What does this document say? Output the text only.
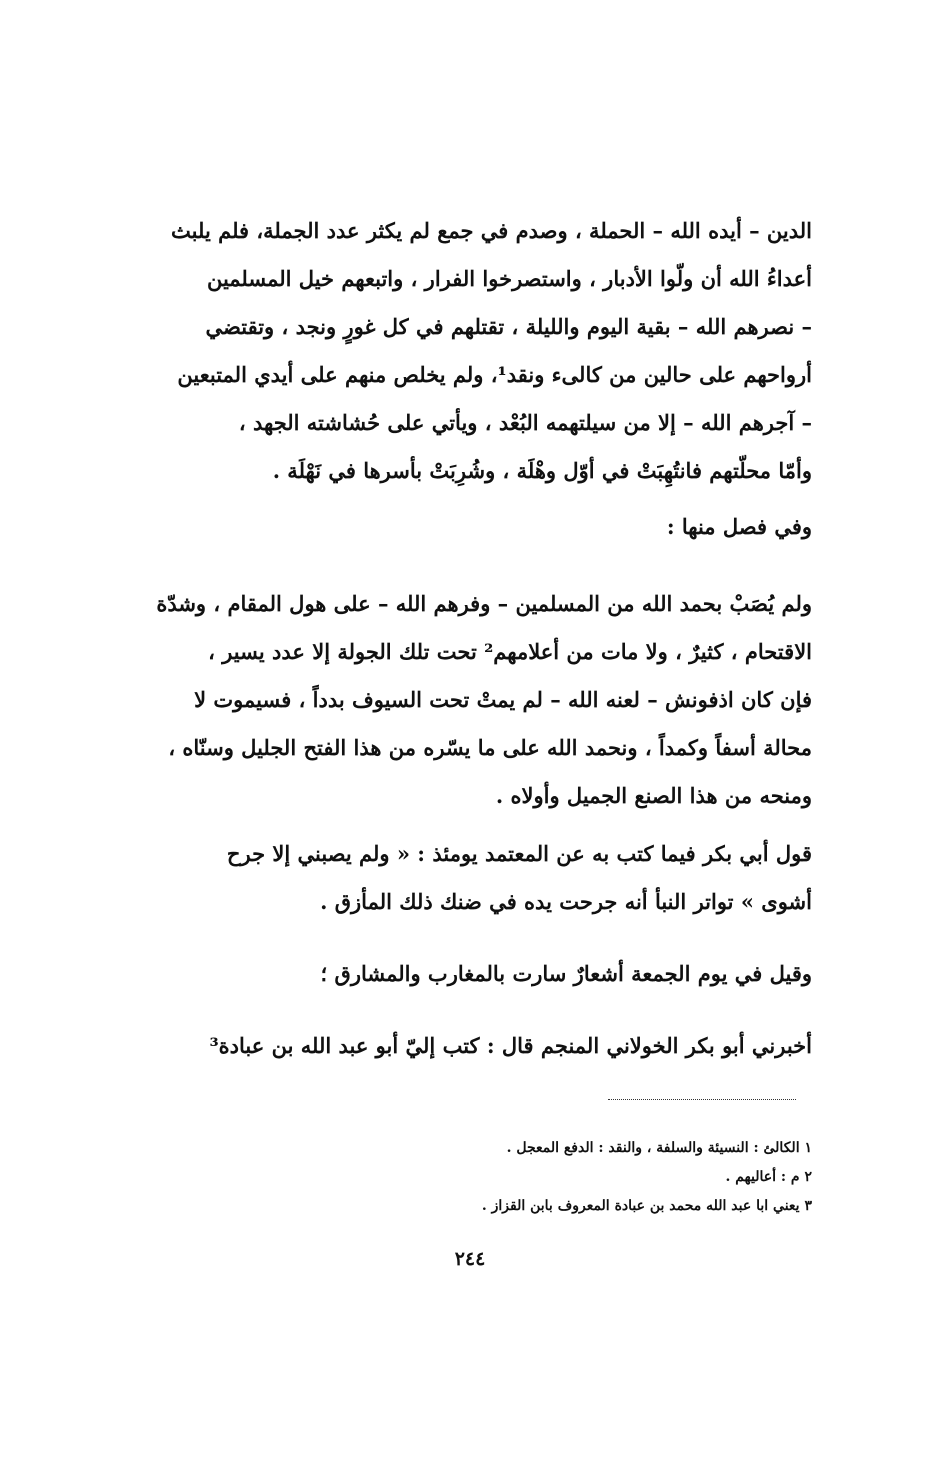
الدين – أيده الله – الحملة ، وصدم في جمع لم يكثر عدد الجملة، فلم يلبث
أعداءُ الله أن ولّوا الأدبار ، واستصرخوا الفرار ، واتبعهم خيل المسلمين
– نصرهم الله – بقية اليوم والليلة ، تقتلهم في كل غورٍ ونجد ، وتقتضي
أرواحهم على حالين من كالىء ونقد¹، ولم يخلص منهم على أيدي المتبعين
– آجرهم الله – إلا من سيلتهمه البُعْد ، ويأتي على حُشاشته الجهد ،
وأمّا محلّتهم فانتُهِبَتْ في أوّل وهْلَة ، وشُرِبَتْ بأسرها في نَهْلَة .
وفي فصل منها :
ولم يُصَبْ بحمد الله من المسلمين – وفرهم الله – على هول المقام ، وشدّة
الاقتحام ، كثيرٌ ، ولا مات من أعلامهم² تحت تلك الجولة إلا عدد يسير ،
فإن كان اذفونش – لعنه الله – لم يمتْ تحت السيوف بدداً ، فسيموت لا
محالة أسفاً وكمداً ، ونحمد الله على ما يسّره من هذا الفتح الجليل وسنّاه ،
ومنحه من هذا الصنع الجميل وأولاه .
قول أبي بكر فيما كتب به عن المعتمد يومئذ : « ولم يصبني إلا جرح
أشوى » تواتر النبأ أنه جرحت يده في ضنك ذلك المأزق .
وقيل في يوم الجمعة أشعارٌ سارت بالمغارب والمشارق ؛
أخبرني أبو بكر الخولاني المنجم قال : كتب إليّ أبو عبد الله بن عبادة³
١ الكالئ : النسيئة والسلفة ، والنقد : الدفع المعجل .
٢ م : أعاليهم .
٣ يعني ابا عبد الله محمد بن عبادة المعروف بابن القزاز .
٢٤٤
